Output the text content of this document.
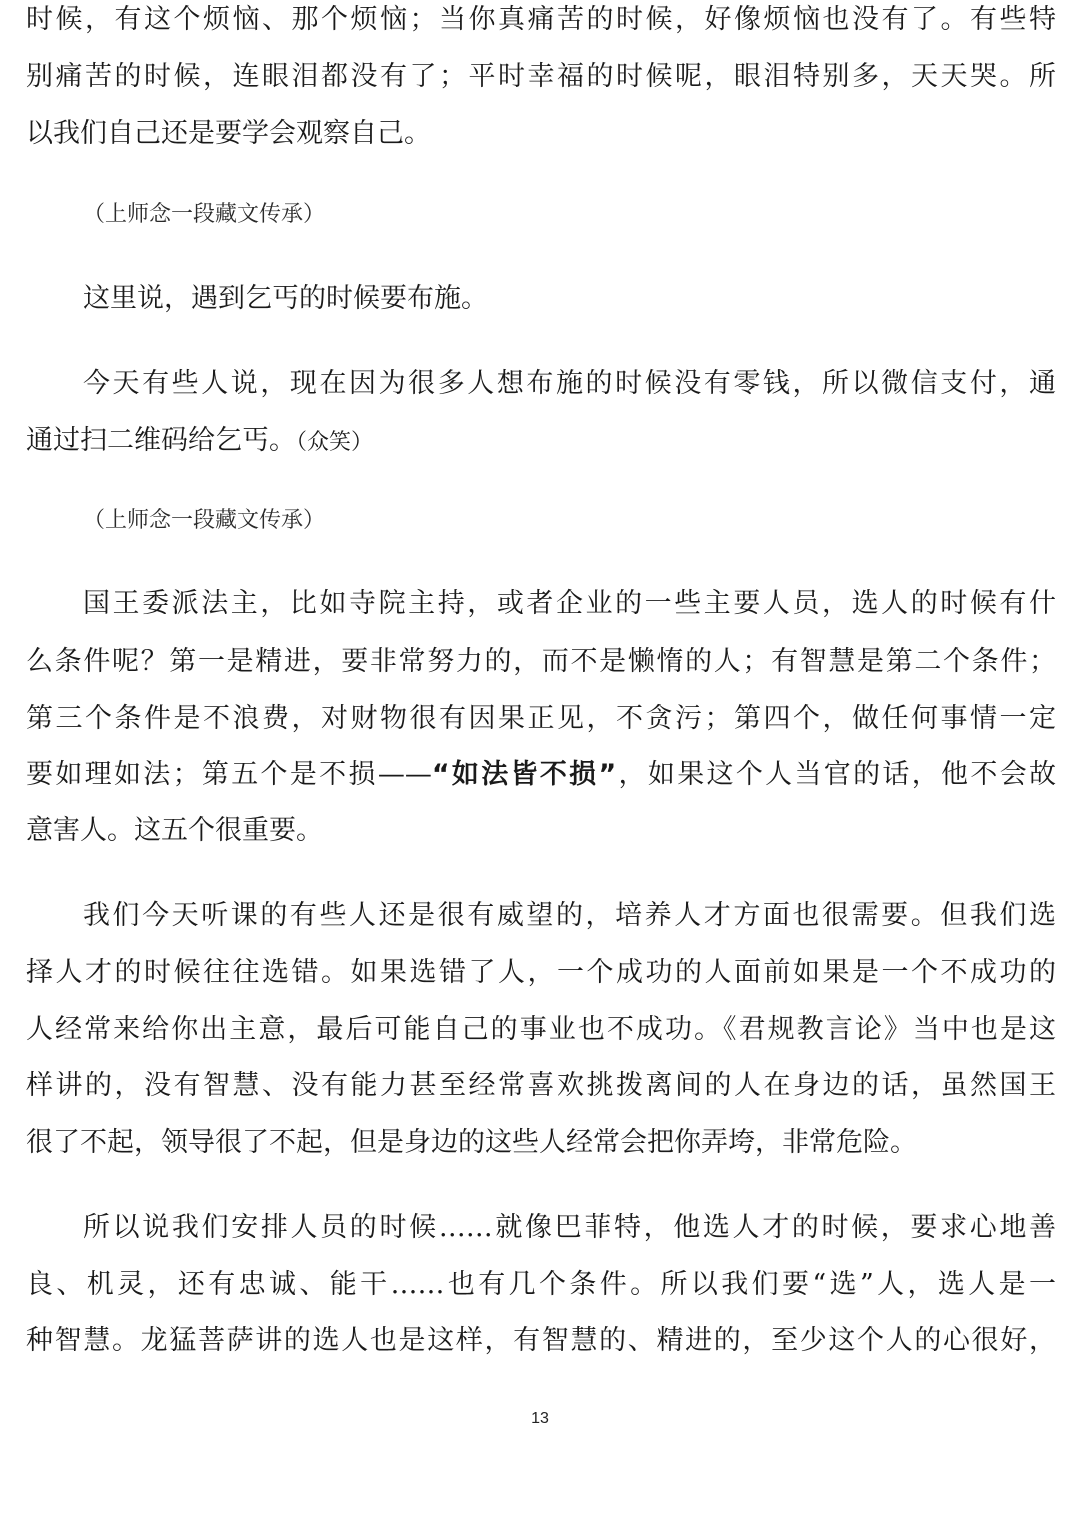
时候，有这个烦恼、那个烦恼；当你真痛苦的时候，好像烦恼也没有了。有些特
别痛苦的时候，连眼泪都没有了；平时幸福的时候呢，眼泪特别多，天天哭。所
以我们自己还是要学会观察自己。
（上师念一段藏文传承）
这里说，遇到乞丐的时候要布施。
今天有些人说，现在因为很多人想布施的时候没有零钱，所以微信支付，通
通过扫二维码给乞丐。（众笑）
（上师念一段藏文传承）
国王委派法主，比如寺院主持，或者企业的一些主要人员，选人的时候有什
么条件呢？第一是精进，要非常努力的，而不是懒惰的人；有智慧是第二个条件；
第三个条件是不浪费，对财物很有因果正见，不贪污；第四个，做任何事情一定
要如理如法；第五个是不损——“如法皆不损”，如果这个人当官的话，他不会故
意害人。这五个很重要。
我们今天听课的有些人还是很有威望的，培养人才方面也很需要。但我们选
择人才的时候往往选错。如果选错了人，一个成功的人面前如果是一个不成功的
人经常来给你出主意，最后可能自己的事业也不成功。《君规教言论》当中也是这
样讲的，没有智慧、没有能力甚至经常喜欢挑拨离间的人在身边的话，虽然国王
很了不起，领导很了不起，但是身边的这些人经常会把你弄垮，非常危险。
所以说我们安排人员的时候……就像巴菲特，他选人才的时候，要求心地善
良、机灵，还有忠诚、能干……也有几个条件。所以我们要“选”人，选人是一
种智慧。龙猛菩萨讲的选人也是这样，有智慧的、精进的，至少这个人的心很好，
13
